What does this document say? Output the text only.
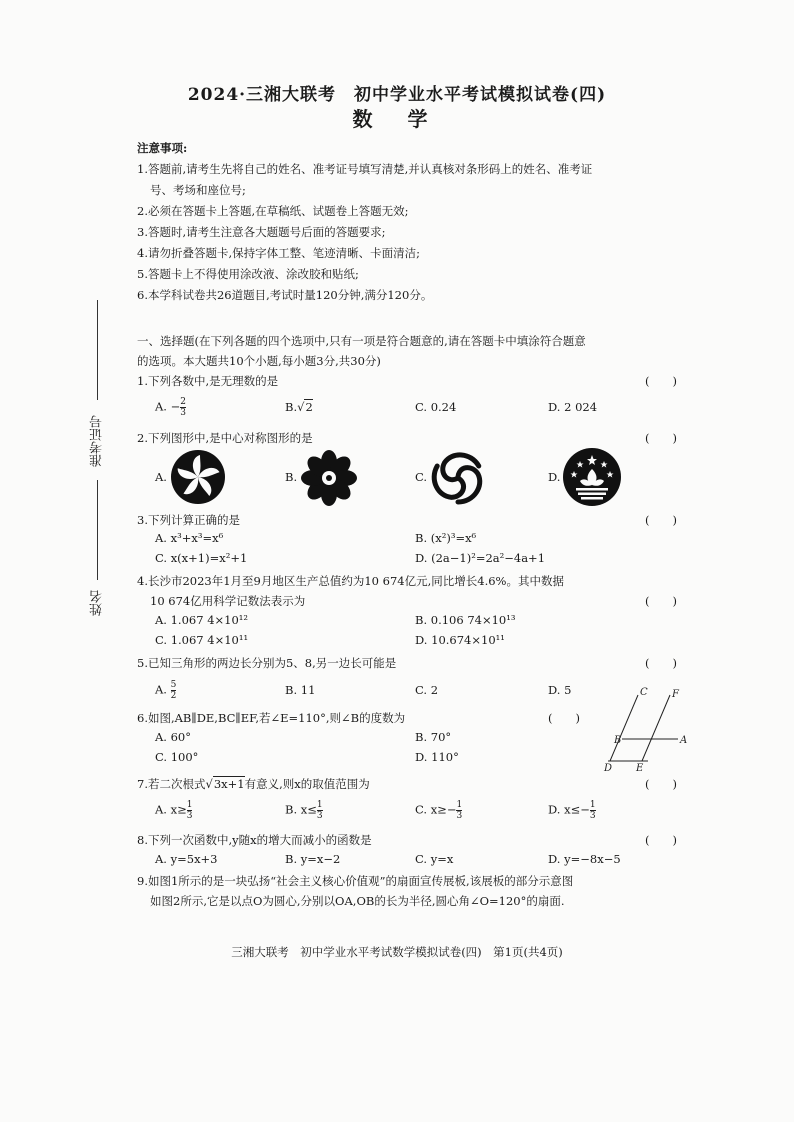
2024·三湘大联考　初中学业水平考试模拟试卷(四)
数 学
准考证号
姓名
注意事项:
1.答题前,请考生先将自己的姓名、准考证号填写清楚,并认真核对条形码上的姓名、准考证
号、考场和座位号;
2.必须在答题卡上答题,在草稿纸、试题卷上答题无效;
3.答题时,请考生注意各大题题号后面的答题要求;
4.请勿折叠答题卡,保持字体工整、笔迹清晰、卡面清洁;
5.答题卡上不得使用涂改液、涂改胶和贴纸;
6.本学科试卷共26道题目,考试时量120分钟,满分120分。
一、选择题(在下列各题的四个选项中,只有一项是符合题意的,请在答题卡中填涂符合题意
的选项。本大题共10个小题,每小题3分,共30分)
1.下列各数中,是无理数的是	(　　)
A. − $\frac{2}{3}$	B.√2	C. 0.24	D. 2 024
2.下列图形中,是中心对称图形的是	(　　)
A.	B.	C.	D.
3.下列计算正确的是	(　　)
A. x³+x³=x⁶	B. (x²)³=x⁶
C. x(x+1)=x²+1	D. (2a−1)²=2a²−4a+1
4.长沙市2023年1月至9月地区生产总值约为10 674亿元,同比增长4.6%。其中数据
10 674亿用科学记数法表示为	(　　)
A. 1.067 4×10¹²	B. 0.106 74×10¹³
C. 1.067 4×10¹¹	D. 10.674×10¹¹
5.已知三角形的两边长分别为5、8,另一边长可能是	(　　)
A. $\frac{5}{2}$	B. 11	C. 2	D. 5
6.如图,AB∥DE,BC∥EF,若∠E=110°,则∠B的度数为	(　　)
A. 60°	B. 70°
C. 100°	D. 110°
C F
B	A
D E
7.若二次根式√3x+1有意义,则x的取值范围为	(　　)
A. $x\ge \frac{1}{3}$	B. $x\le \frac{1}{3}$	C. $x\ge- \frac{1}{3}$	D. $x\le- \frac{1}{3}$
8.下列一次函数中,y随x的增大而减小的函数是	(　　)
A. y=5x+3	B. y=x−2	C. y=x	D. y=−8x−5
9.如图1所示的是一块弘扬“社会主义核心价值观”的扇面宣传展板,该展板的部分示意图
如图2所示,它是以点O为圆心,分别以OA,OB的长为半径,圆心角∠O=120°的扇面.
三湘大联考　初中学业水平考试数学模拟试卷(四)　第1页(共4页)
